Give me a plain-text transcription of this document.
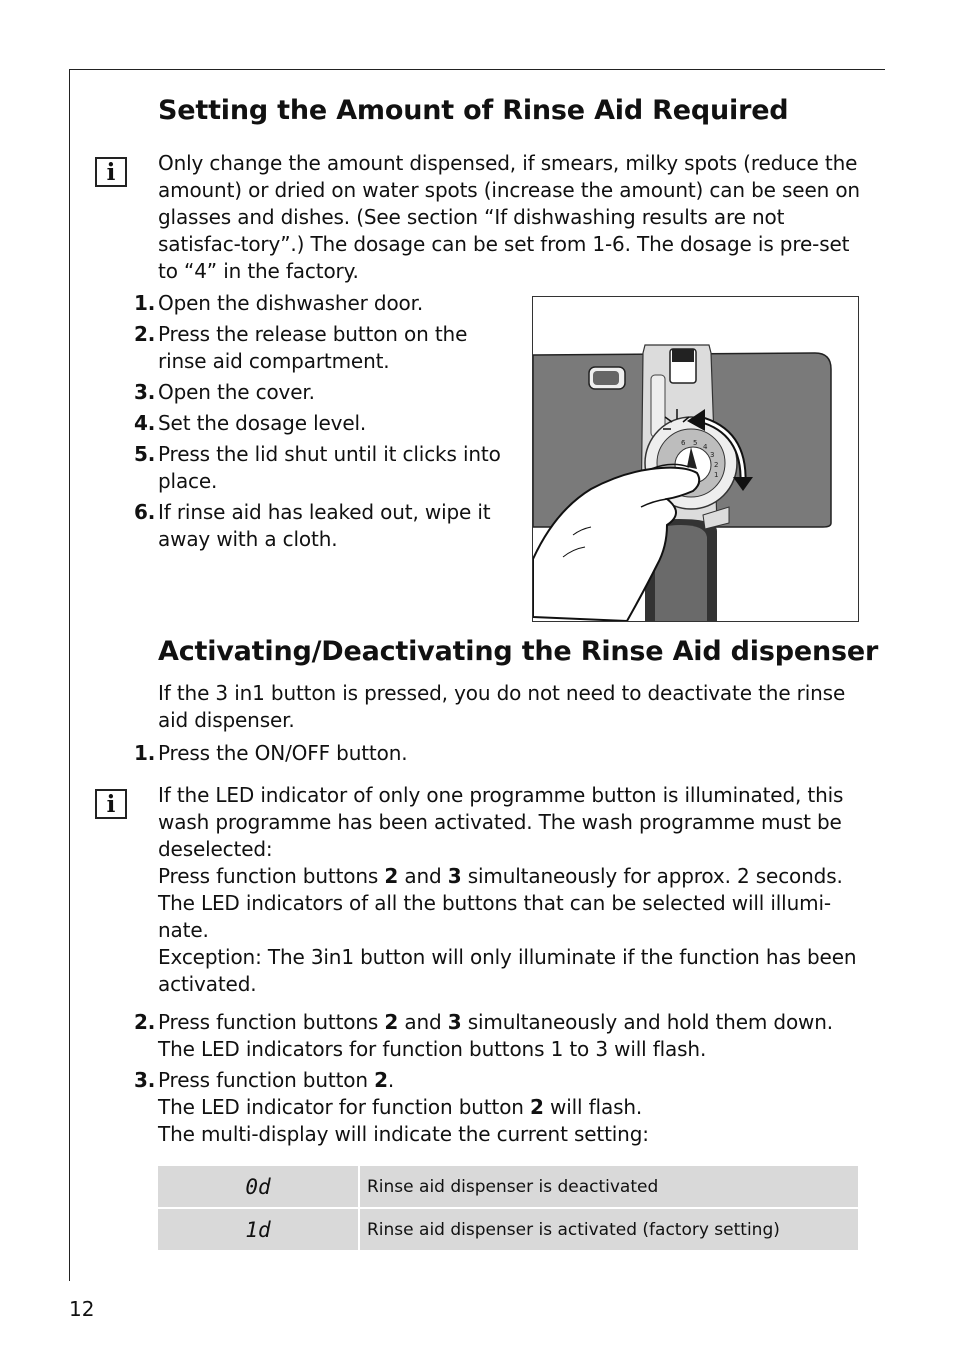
Setting the Amount of Rinse Aid Required
i Only change the amount dispensed, if smears, milky spots (reduce the amount) or dried on water spots (increase the amount) can be seen on glasses and dishes. (See section “If dishwashing results are not satisfac-tory”.) The dosage can be set from 1-6. The dosage is pre-set to “4” in the factory.

1. Open the dishwasher door.
2. Press the release button on the rinse aid compartment.
3. Open the cover.
4. Set the dosage level.
5. Press the lid shut until it clicks into place.
6. If rinse aid has leaked out, wipe it away with a cloth.
6 5 4
3
2
1
Activating/Deactivating the Rinse Aid dispenser

If the 3 in1 button is pressed, you do not need to deactivate the rinse aid dispenser.

1. Press the ON/OFF button.
i If the LED indicator of only one programme button is illuminated, this wash programme has been activated. The wash programme must be deselected:
Press function buttons 2 and 3 simultaneously for approx. 2 seconds.
The LED indicators of all the buttons that can be selected will illumi-nate.
Exception: The 3in1 button will only illuminate if the function has been activated.
2. Press function buttons 2 and 3 simultaneously and hold them down.
The LED indicators for function buttons 1 to 3 will flash.
3. Press function button 2.
The LED indicator for function button 2 will flash.
The multi-display will indicate the current setting:
0d	Rinse aid dispenser is deactivated
1d	Rinse aid dispenser is activated (factory setting)
12
